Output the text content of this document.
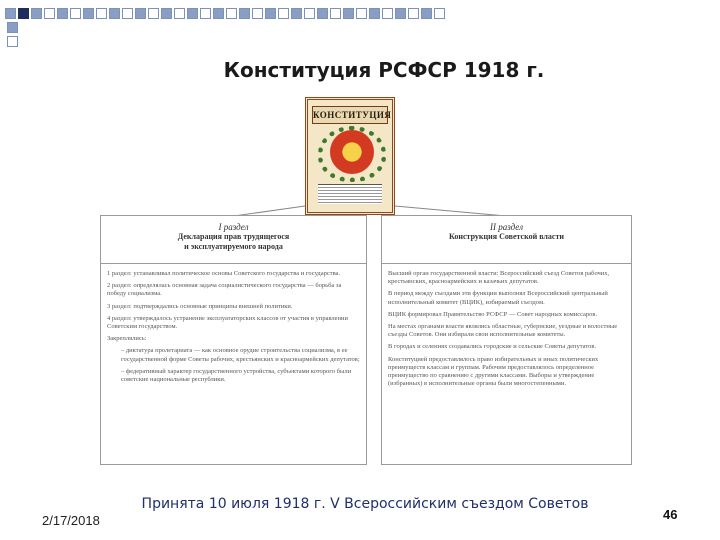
Конституция РСФСР 1918 г.
КОНСТИТУЦИЯ
I раздел
Декларация прав трудящегося
и эксплуатируемого народа

1 раздел: устанавливал политическое основы Советского государства и государства.

2 раздел: определялась основная задача социалистического государства — борьба за победу социализма.

3 раздел: подтверждались основные принципы внешней политики.

4 раздел: утверждалось устранение эксплуататорских классов от участия в управлении Советским государством.

Закреплялись:

– диктатура пролетариата — как основное орудие строительства социализма, в ее государственной форме Советы рабочих, крестьянских и красноармейских депутатов;

– федеративный характер государственного устройства, субъектами которого были советские национальные республики.

II раздел
Конструкция Советской власти

Высший орган государственной власти: Всероссийский съезд Советов рабочих, крестьянских, красноармейских и казачьих депутатов.

В период между съездами эти функции выполнял Всероссийский центральный исполнительный комитет (ВЦИК), избираемый съездом.

ВЦИК формировал Правительство РСФСР — Совет народных комиссаров.

На местах органами власти являлись областные, губернские, уездные и волостные съезды Советов. Они избирали свои исполнительные комитеты.

В городах и селениях создавались городские и сельские Советы депутатов.

Конституцией предоставлялось право избирательных и иных политических преимуществ классам и группам. Рабочим предоставлялось определенное преимущество по сравнению с другими классами. Выборы и утверждение (избранных) в исполнительные органы были многостепенными.

Принята 10 июля 1918 г. V Всероссийским съездом Советов
2/17/2018	46
